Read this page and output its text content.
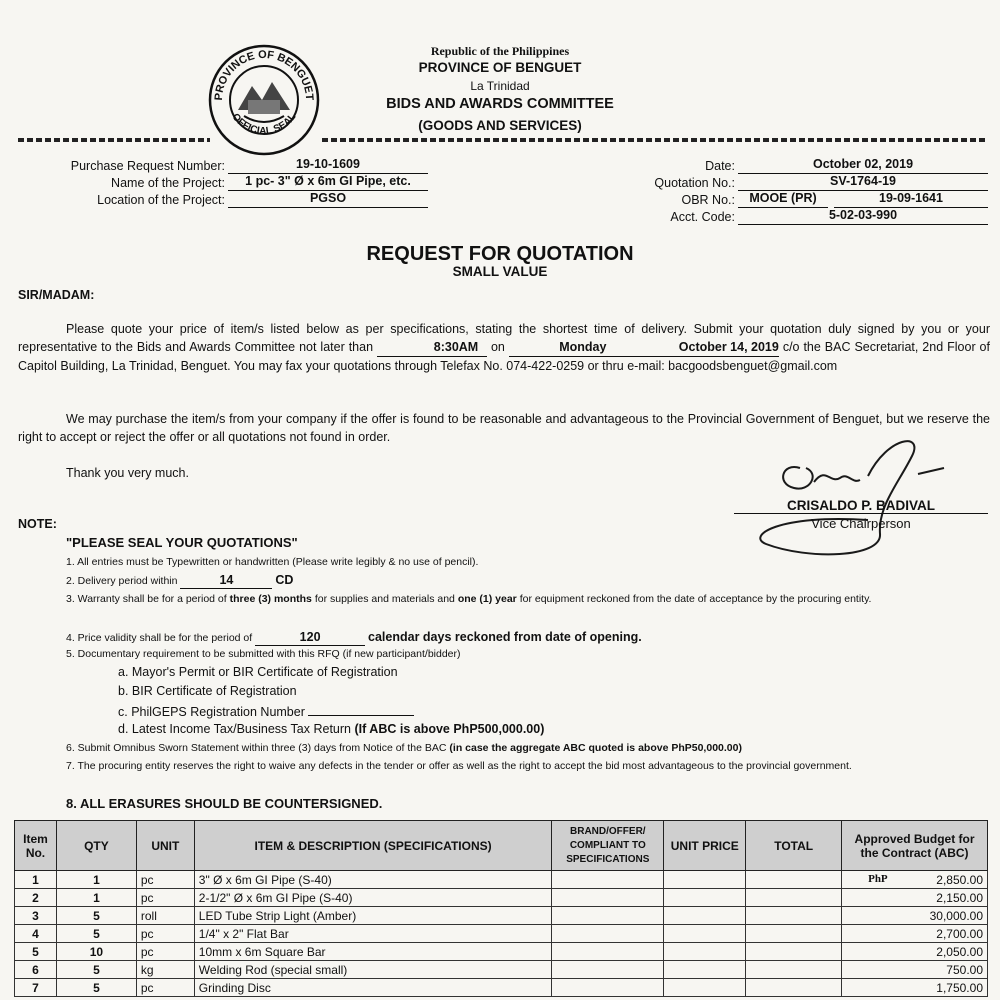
PROVINCE OF BENGUET
OFFICIAL SEAL
Republic of the Philippines
PROVINCE OF BENGUET
La Trinidad
BIDS AND AWARDS COMMITTEE
(GOODS AND SERVICES)
Purchase Request Number:	19-10-1609
Name of the Project:	1 pc- 3" Ø x 6m GI Pipe, etc.
Location of the Project:	PGSO
Date:	October 02, 2019
Quotation No.:	SV-1764-19
OBR No.:	MOOE (PR)	19-09-1641
Acct. Code:	5-02-03-990
REQUEST FOR QUOTATION
SMALL VALUE
SIR/MADAM:
Please quote your price of item/s listed below as per specifications, stating the shortest time of delivery. Submit your quotation duly signed by you or your representative to the Bids and Awards Committee not later than	8:30AM on	Monday	October 14, 2019 c/o the BAC Secretariat, 2nd Floor of Capitol Building, La Trinidad, Benguet. You may fax your quotations through Telefax No. 074-422-0259 or thru e-mail: bacgoodsbenguet@gmail.com
We may purchase the item/s from your company if the offer is found to be reasonable and advantageous to the Provincial Government of Benguet, but we reserve the right to accept or reject the offer or all quotations not found in order.
Thank you very much.
CRISALDO P. BADIVAL
Vice Chairperson
NOTE:
"PLEASE SEAL YOUR QUOTATIONS"
1. All entries must be Typewritten or handwritten (Please write legibly & no use of pencil).
2. Delivery period within	14	CD
3. Warranty shall be for a period of three (3) months for supplies and materials and one (1) year for equipment reckoned from the date of acceptance by the procuring entity.
4. Price validity shall be for the period of	120	calendar days reckoned from date of opening.
5. Documentary requirement to be submitted with this RFQ (if new participant/bidder)
a. Mayor's Permit or BIR Certificate of Registration
b. BIR Certificate of Registration
c. PhilGEPS Registration Number
d. Latest Income Tax/Business Tax Return (If ABC is above PhP500,000.00)
6. Submit Omnibus Sworn Statement within three (3) days from Notice of the BAC (in case the aggregate ABC quoted is above PhP50,000.00)
7. The procuring entity reserves the right to waive any defects in the tender or offer as well as the right to accept the bid most advantageous to the provincial government.
8. ALL ERASURES SHOULD BE COUNTERSIGNED.
Item No.	QTY	UNIT	ITEM & DESCRIPTION (SPECIFICATIONS)	BRAND/OFFER/ COMPLIANT TO SPECIFICATIONS	UNIT PRICE	TOTAL	Approved Budget for the Contract (ABC)
1	1	pc	3" Ø x 6m GI Pipe (S-40)				PhP 2,850.00
2	1	pc	2-1/2" Ø x 6m GI Pipe (S-40)				2,150.00
3	5	roll	LED Tube Strip Light (Amber)				30,000.00
4	5	pc	1/4" x 2" Flat Bar				2,700.00
5	10	pc	10mm x 6m Square Bar				2,050.00
6	5	kg	Welding Rod (special small)				750.00
7	5	pc	Grinding Disc				1,750.00
